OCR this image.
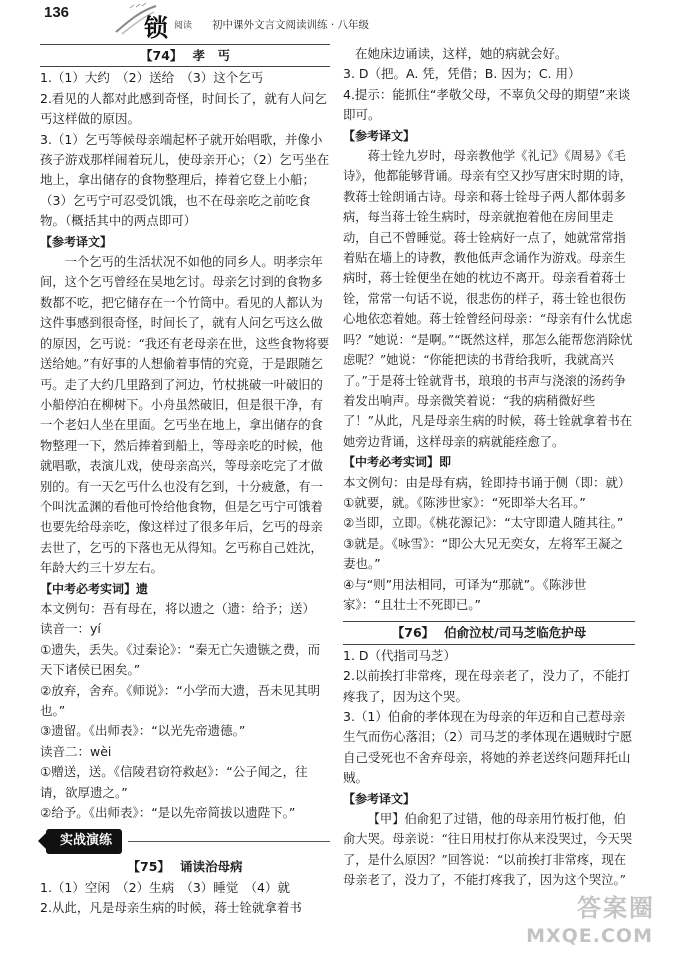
136
锁 阅读 初中课外文言文阅读训练 · 八年级
【74】 孝　丐
1.（1）大约　（2）送给　（3）这个乞丐
2.看见的人都对此感到奇怪，时间长了，就有人问乞丐这样做的原因。
3.（1）乞丐等候母亲端起杯子就开始唱歌，并像小孩子游戏那样闹着玩儿，使母亲开心；（2）乞丐坐在地上，拿出储存的食物整理后，捧着它登上小船；（3）乞丐宁可忍受饥饿，也不在母亲吃之前吃食物。（概括其中的两点即可）
【参考译文】

一个乞丐的生活状况不如他的同乡人。明孝宗年间，这个乞丐曾经在吴地乞讨。母亲乞讨到的食物多数都不吃，把它储存在一个竹筒中。看见的人都认为这件事感到很奇怪，时间长了，就有人问乞丐这么做的原因，乞丐说：“我还有老母亲在世，这些食物将要送给她。”有好事的人想偷着事情的究竟，于是跟随乞丐。走了大约几里路到了河边，竹杖挑破一叶破旧的小船停泊在柳树下。小舟虽然破旧，但是很干净，有一个老妇人坐在里面。乞丐坐在地上，拿出储存的食物整理一下，然后捧着到船上，等母亲吃的时候，他就唱歌，表演儿戏，使母亲高兴，等母亲吃完了才做别的。有一天乞丐什么也没有乞到，十分疲惫，有一个叫沈孟渊的看他可怜给他食物，但是乞丐宁可饿着也要先给母亲吃，像这样过了很多年后，乞丐的母亲去世了，乞丐的下落也无从得知。乞丐称自己姓沈，年龄大约三十岁左右。

【中考必考实词】遗
本文例句：吾有母在，将以遗之（遗：给予；送）
读音一：yí
①遗失，丢失。《过秦论》：“秦无亡矢遗镞之费，而天下诸侯已困矣。”
②放弃，舍弃。《师说》：“小学而大遗，吾未见其明也。”
③遗留。《出师表》：“以光先帝遗德。”
读音二：wèi
①赠送，送。《信陵君窃符救赵》：“公子闻之，往请，欲厚遗之。”
②给予。《出师表》：“是以先帝简拔以遗陛下。”
实战演练
【75】 诵读治母病
1.（1）空闲　（2）生病　（3）睡觉　（4）就
2.从此，凡是母亲生病的时候，蒋士铨就拿着书
在她床边诵读，这样，她的病就会好。
3. D（把。A. 凭，凭借；B. 因为；C. 用）
4.提示：能抓住“孝敬父母，不辜负父母的期望”来谈即可。
【参考译文】

蒋士铨九岁时，母亲教他学《礼记》《周易》《毛诗》，他都能够背诵。母亲有空又抄写唐宋时期的诗，教蒋士铨朗诵古诗。母亲和蒋士铨母子两人都体弱多病，每当蒋士铨生病时，母亲就抱着他在房间里走动，自己不曾睡觉。蒋士铨病好一点了，她就常常指着贴在墙上的诗教，教他低声念诵作为游戏。母亲生病时，蒋士铨便坐在她的枕边不离开。母亲看着蒋士铨，常常一句话不说，很悲伤的样子，蒋士铨也很伤心地依恋着她。蒋士铨曾经问母亲：“母亲有什么忧虑吗？”她说：“是啊。”“既然这样，那怎么能帮您消除忧虑呢？”她说：“你能把读的书背给我听，我就高兴了。”于是蒋士铨就背书，琅琅的书声与浇滚的汤药争着发出响声。母亲微笑着说：“我的病稍微好些了！”从此，凡是母亲生病的时候，蒋士铨就拿着书在她旁边背诵，这样母亲的病就能痊愈了。

【中考必考实词】即
本文例句：由是母有病，铨即持书诵于侧（即：就）
①就要，就。《陈涉世家》：“死即举大名耳。”
②当即，立即。《桃花源记》：“太守即遣人随其往。”
③就是。《咏雪》：“即公大兄无奕女，左将军王凝之妻也。”
④与“则”用法相同，可译为“那就”。《陈涉世家》：“且壮士不死即已。”
【76】 伯俞泣杖/司马芝临危护母
1. D（代指司马芝）
2.以前挨打非常疼，现在母亲老了，没力了，不能打疼我了，因为这个哭。
3.（1）伯俞的孝体现在为母亲的年迈和自己惹母亲生气而伤心落泪；（2）司马芝的孝体现在遇贼时宁愿自己受死也不舍弃母亲，将她的养老送终问题拜托山贼。
【参考译文】

【甲】伯俞犯了过错，他的母亲用竹板打他，伯俞大哭。母亲说：“往日用杖打你从来没哭过，今天哭了，是什么原因？”回答说：“以前挨打非常疼，现在母亲老了，没力了，不能打疼我了，因为这个哭泣。”

答案圈
MXQE.COM
